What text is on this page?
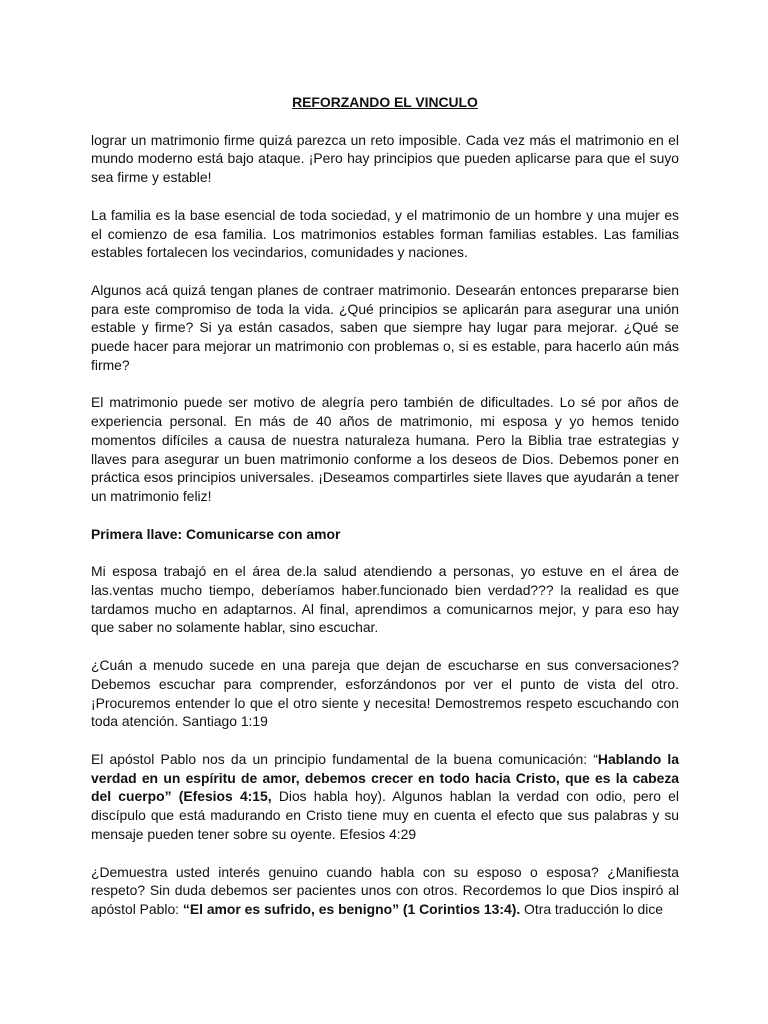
REFORZANDO EL VINCULO

lograr un matrimonio firme quizá parezca un reto imposible. Cada vez más el matrimonio en el mundo moderno está bajo ataque. ¡Pero hay principios que pueden aplicarse para que el suyo sea firme y estable!

La familia es la base esencial de toda sociedad, y el matrimonio de un hombre y una mujer es el comienzo de esa familia. Los matrimonios estables forman familias estables. Las familias estables fortalecen los vecindarios, comunidades y naciones.

Algunos acá quizá tengan planes de contraer matrimonio. Desearán entonces prepararse bien para este compromiso de toda la vida. ¿Qué principios se aplicarán para asegurar una unión estable y firme? Si ya están casados, saben que siempre hay lugar para mejorar. ¿Qué se puede hacer para mejorar un matrimonio con problemas o, si es estable, para hacerlo aún más firme?

El matrimonio puede ser motivo de alegría pero también de dificultades. Lo sé por años de experiencia personal. En más de 40 años de matrimonio, mi esposa y yo hemos tenido momentos difíciles a causa de nuestra naturaleza humana. Pero la Biblia trae estrategias y llaves para asegurar un buen matrimonio conforme a los deseos de Dios. Debemos poner en práctica esos principios universales. ¡Deseamos compartirles siete llaves que ayudarán a tener un matrimonio feliz!

Primera llave: Comunicarse con amor

Mi esposa trabajó en el área de.la salud atendiendo a personas, yo estuve en el área de las.ventas mucho tiempo, deberíamos haber.funcionado bien verdad??? la realidad es que tardamos mucho en adaptarnos. Al final, aprendimos a comunicarnos mejor, y para eso hay que saber no solamente hablar, sino escuchar.

¿Cuán a menudo sucede en una pareja que dejan de escucharse en sus conversaciones? Debemos escuchar para comprender, esforzándonos por ver el punto de vista del otro. ¡Procuremos entender lo que el otro siente y necesita! Demostremos respeto escuchando con toda atención. Santiago 1:19

El apóstol Pablo nos da un principio fundamental de la buena comunicación: “Hablando la verdad en un espíritu de amor, debemos crecer en todo hacia Cristo, que es la cabeza del cuerpo” (Efesios 4:15, Dios habla hoy). Algunos hablan la verdad con odio, pero el discípulo que está madurando en Cristo tiene muy en cuenta el efecto que sus palabras y su mensaje pueden tener sobre su oyente. Efesios 4:29

¿Demuestra usted interés genuino cuando habla con su esposo o esposa? ¿Manifiesta respeto? Sin duda debemos ser pacientes unos con otros. Recordemos lo que Dios inspiró al apóstol Pablo: “El amor es sufrido, es benigno” (1 Corintios 13:4). Otra traducción lo dice
